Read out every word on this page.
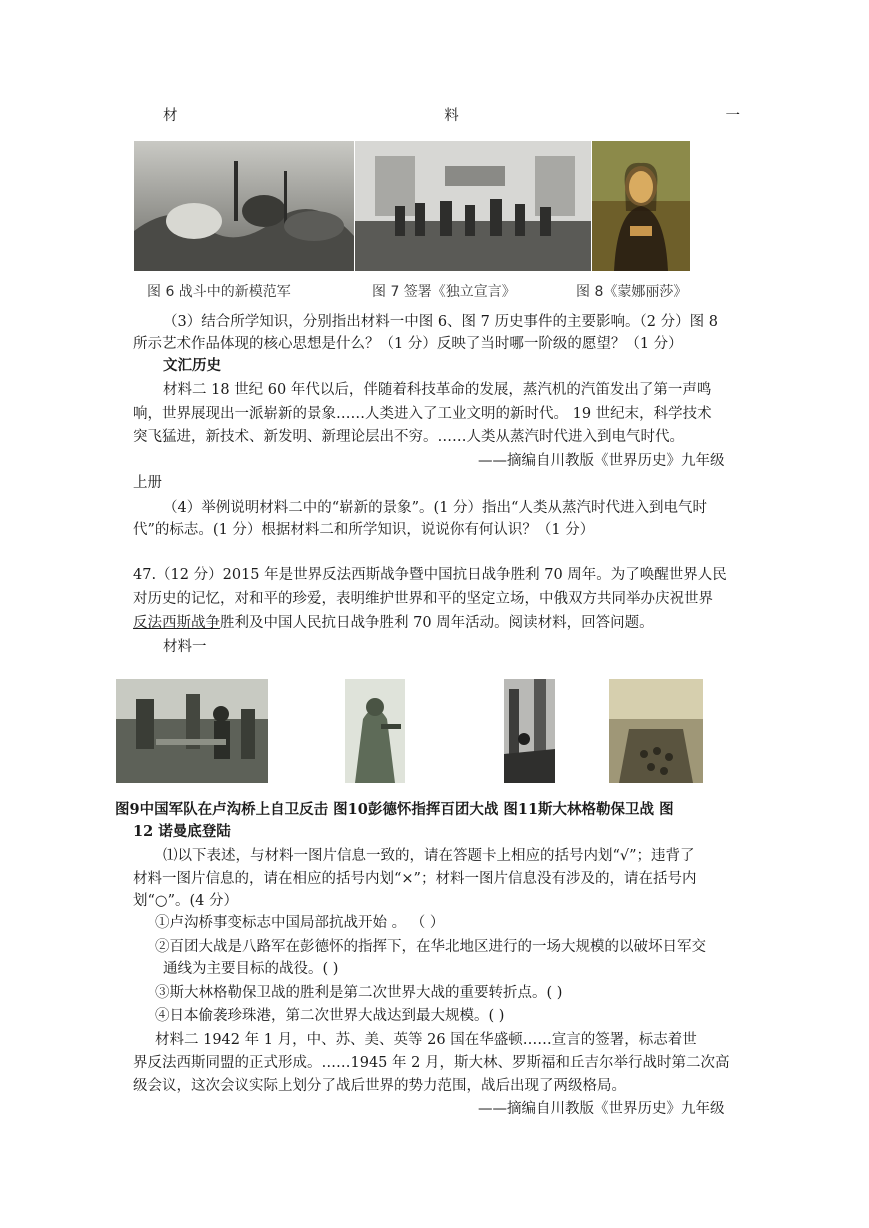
材	料	一
图 6 战斗中的新模范军	图 7 签署《独立宣言》	图 8《蒙娜丽莎》
（3）结合所学知识，分别指出材料一中图 6、图 7 历史事件的主要影响。（2 分）图 8
所示艺术作品体现的核心思想是什么？（1 分）反映了当时哪一阶级的愿望？（1 分）
文汇历史
材料二 18 世纪 60 年代以后，伴随着科技革命的发展，蒸汽机的汽笛发出了第一声鸣
响，世界展现出一派崭新的景象……人类进入了工业文明的新时代。 19 世纪末，科学技术
突飞猛进，新技术、新发明、新理论层出不穷。……人类从蒸汽时代进入到电气时代。
——摘编自川教版《世界历史》九年级
上册
（4）举例说明材料二中的“崭新的景象”。(1 分）指出“人类从蒸汽时代进入到电气时
代”的标志。(1 分）根据材料二和所学知识，说说你有何认识？（1 分）
47.（12 分）2015 年是世界反法西斯战争暨中国抗日战争胜利 70 周年。为了唤醒世界人民
对历史的记忆，对和平的珍爱，表明维护世界和平的坚定立场，中俄双方共同举办庆祝世界
反法西斯战争胜利及中国人民抗日战争胜利 70 周年活动。阅读材料，回答问题。
材料一
图9中国军队在卢沟桥上自卫反击 图10彭德怀指挥百团大战 图11斯大林格勒保卫战 图
12 诺曼底登陆
⑴以下表述，与材料一图片信息一致的，请在答题卡上相应的括号内划“√”；违背了
材料一图片信息的，请在相应的括号内划“×”；材料一图片信息没有涉及的，请在括号内
划“○”。(4 分）
①卢沟桥事变标志中国局部抗战开始 。 （ ）
②百团大战是八路军在彭德怀的指挥下，在华北地区进行的一场大规模的以破坏日军交
通线为主要目标的战役。( )
③斯大林格勒保卫战的胜利是第二次世界大战的重要转折点。( )
④日本偷袭珍珠港，第二次世界大战达到最大规模。( )
材料二 1942 年 1 月，中、苏、美、英等 26 国在华盛顿……宣言的签署，标志着世
界反法西斯同盟的正式形成。……1945 年 2 月，斯大林、罗斯福和丘吉尔举行战时第二次高
级会议，这次会议实际上划分了战后世界的势力范围，战后出现了两级格局。
——摘编自川教版《世界历史》九年级
